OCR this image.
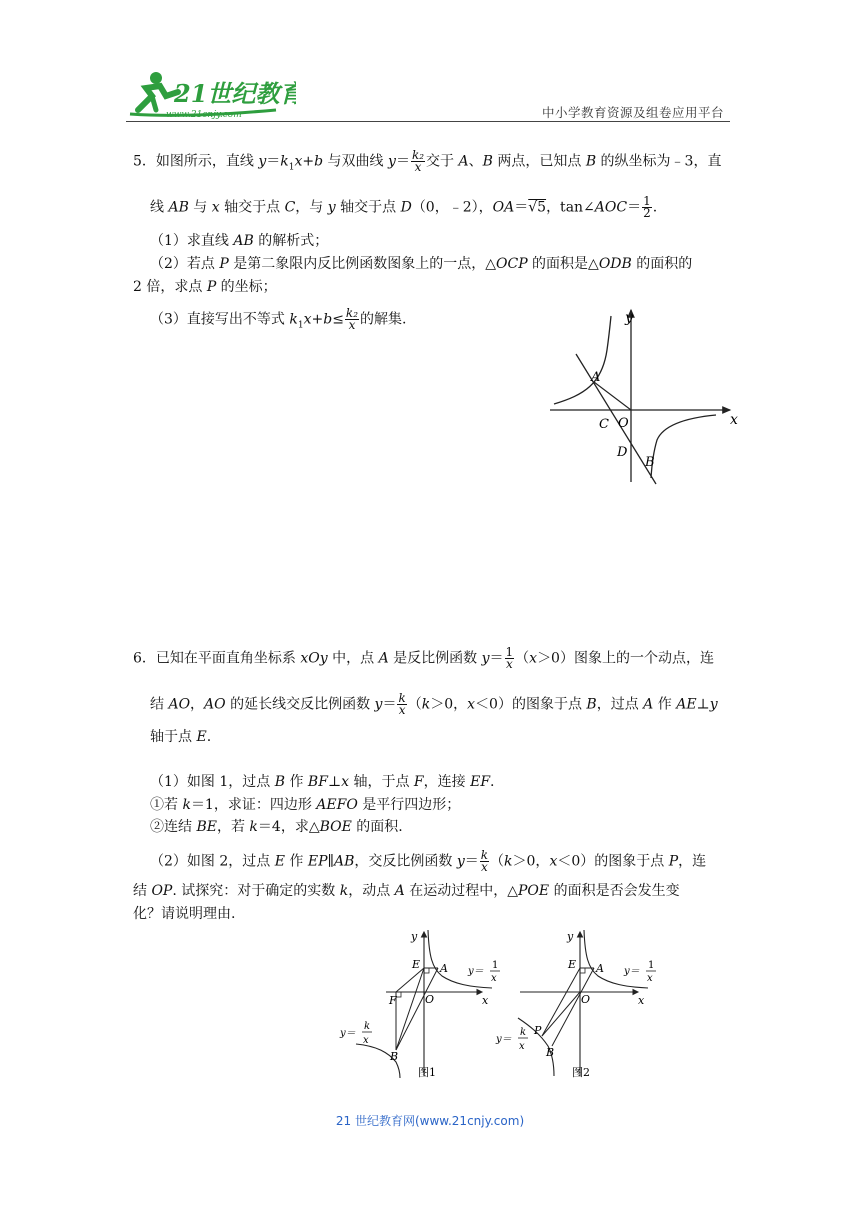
21世纪教育
www.21cnjy.com	中小学教育资源及组卷应用平台
5．如图所示，直线 $y=k_1x+b$ 与双曲线 $y= \frac{\text{k₂}}{x}$ 交于 A、B 两点，已知点 B 的纵坐标为﹣3，直
线 AB 与 x 轴交于点 C，与 y 轴交于点 D（0，﹣2），OA＝√5，tan∠AOC＝ $\frac{1}{2}$ .
（1）求直线 AB 的解析式；
（2）若点 P 是第二象限内反比例函数图象上的一点，△OCP 的面积是△ODB 的面积的
2 倍，求点 P 的坐标；
（3）直接写出不等式 $k_1x+b\le \frac{\text{k₂}}{x}$ 的解集.	y
x
A
C O
D
B
6．已知在平面直角坐标系 xOy 中，点 A 是反比例函数 $y= \frac{1}{x} (x>0)$图象上的一个动点，连
结 AO，AO 的延长线交反比例函数 $y= \frac{k}{x} (k>0$，x＜0）的图象于点 B，过点 A 作 AE⊥y
轴于点 E.
（1）如图 1，过点 B 作 BF⊥x 轴，于点 F，连接 EF.
①若 k＝1，求证：四边形 AEFO 是平行四边形；
②连结 BE，若 k＝4，求△BOE 的面积.
（2）如图 2，过点 E 作 EP∥AB，交反比例函数 $y= \frac{k}{x} (k>0$，x＜0）的图象于点 P，连
结 OP. 试探究：对于确定的实数 k，动点 A 在运动过程中，△POE 的面积是否会发生变
化？请说明理由.
y
x
E A
O
F
B
y＝
1
x
y＝
k
x
图1
y
x
E A
O
P
B
y＝
1
x
y＝
k
x
图2
21 世纪教育网(www.21cnjy.com)
